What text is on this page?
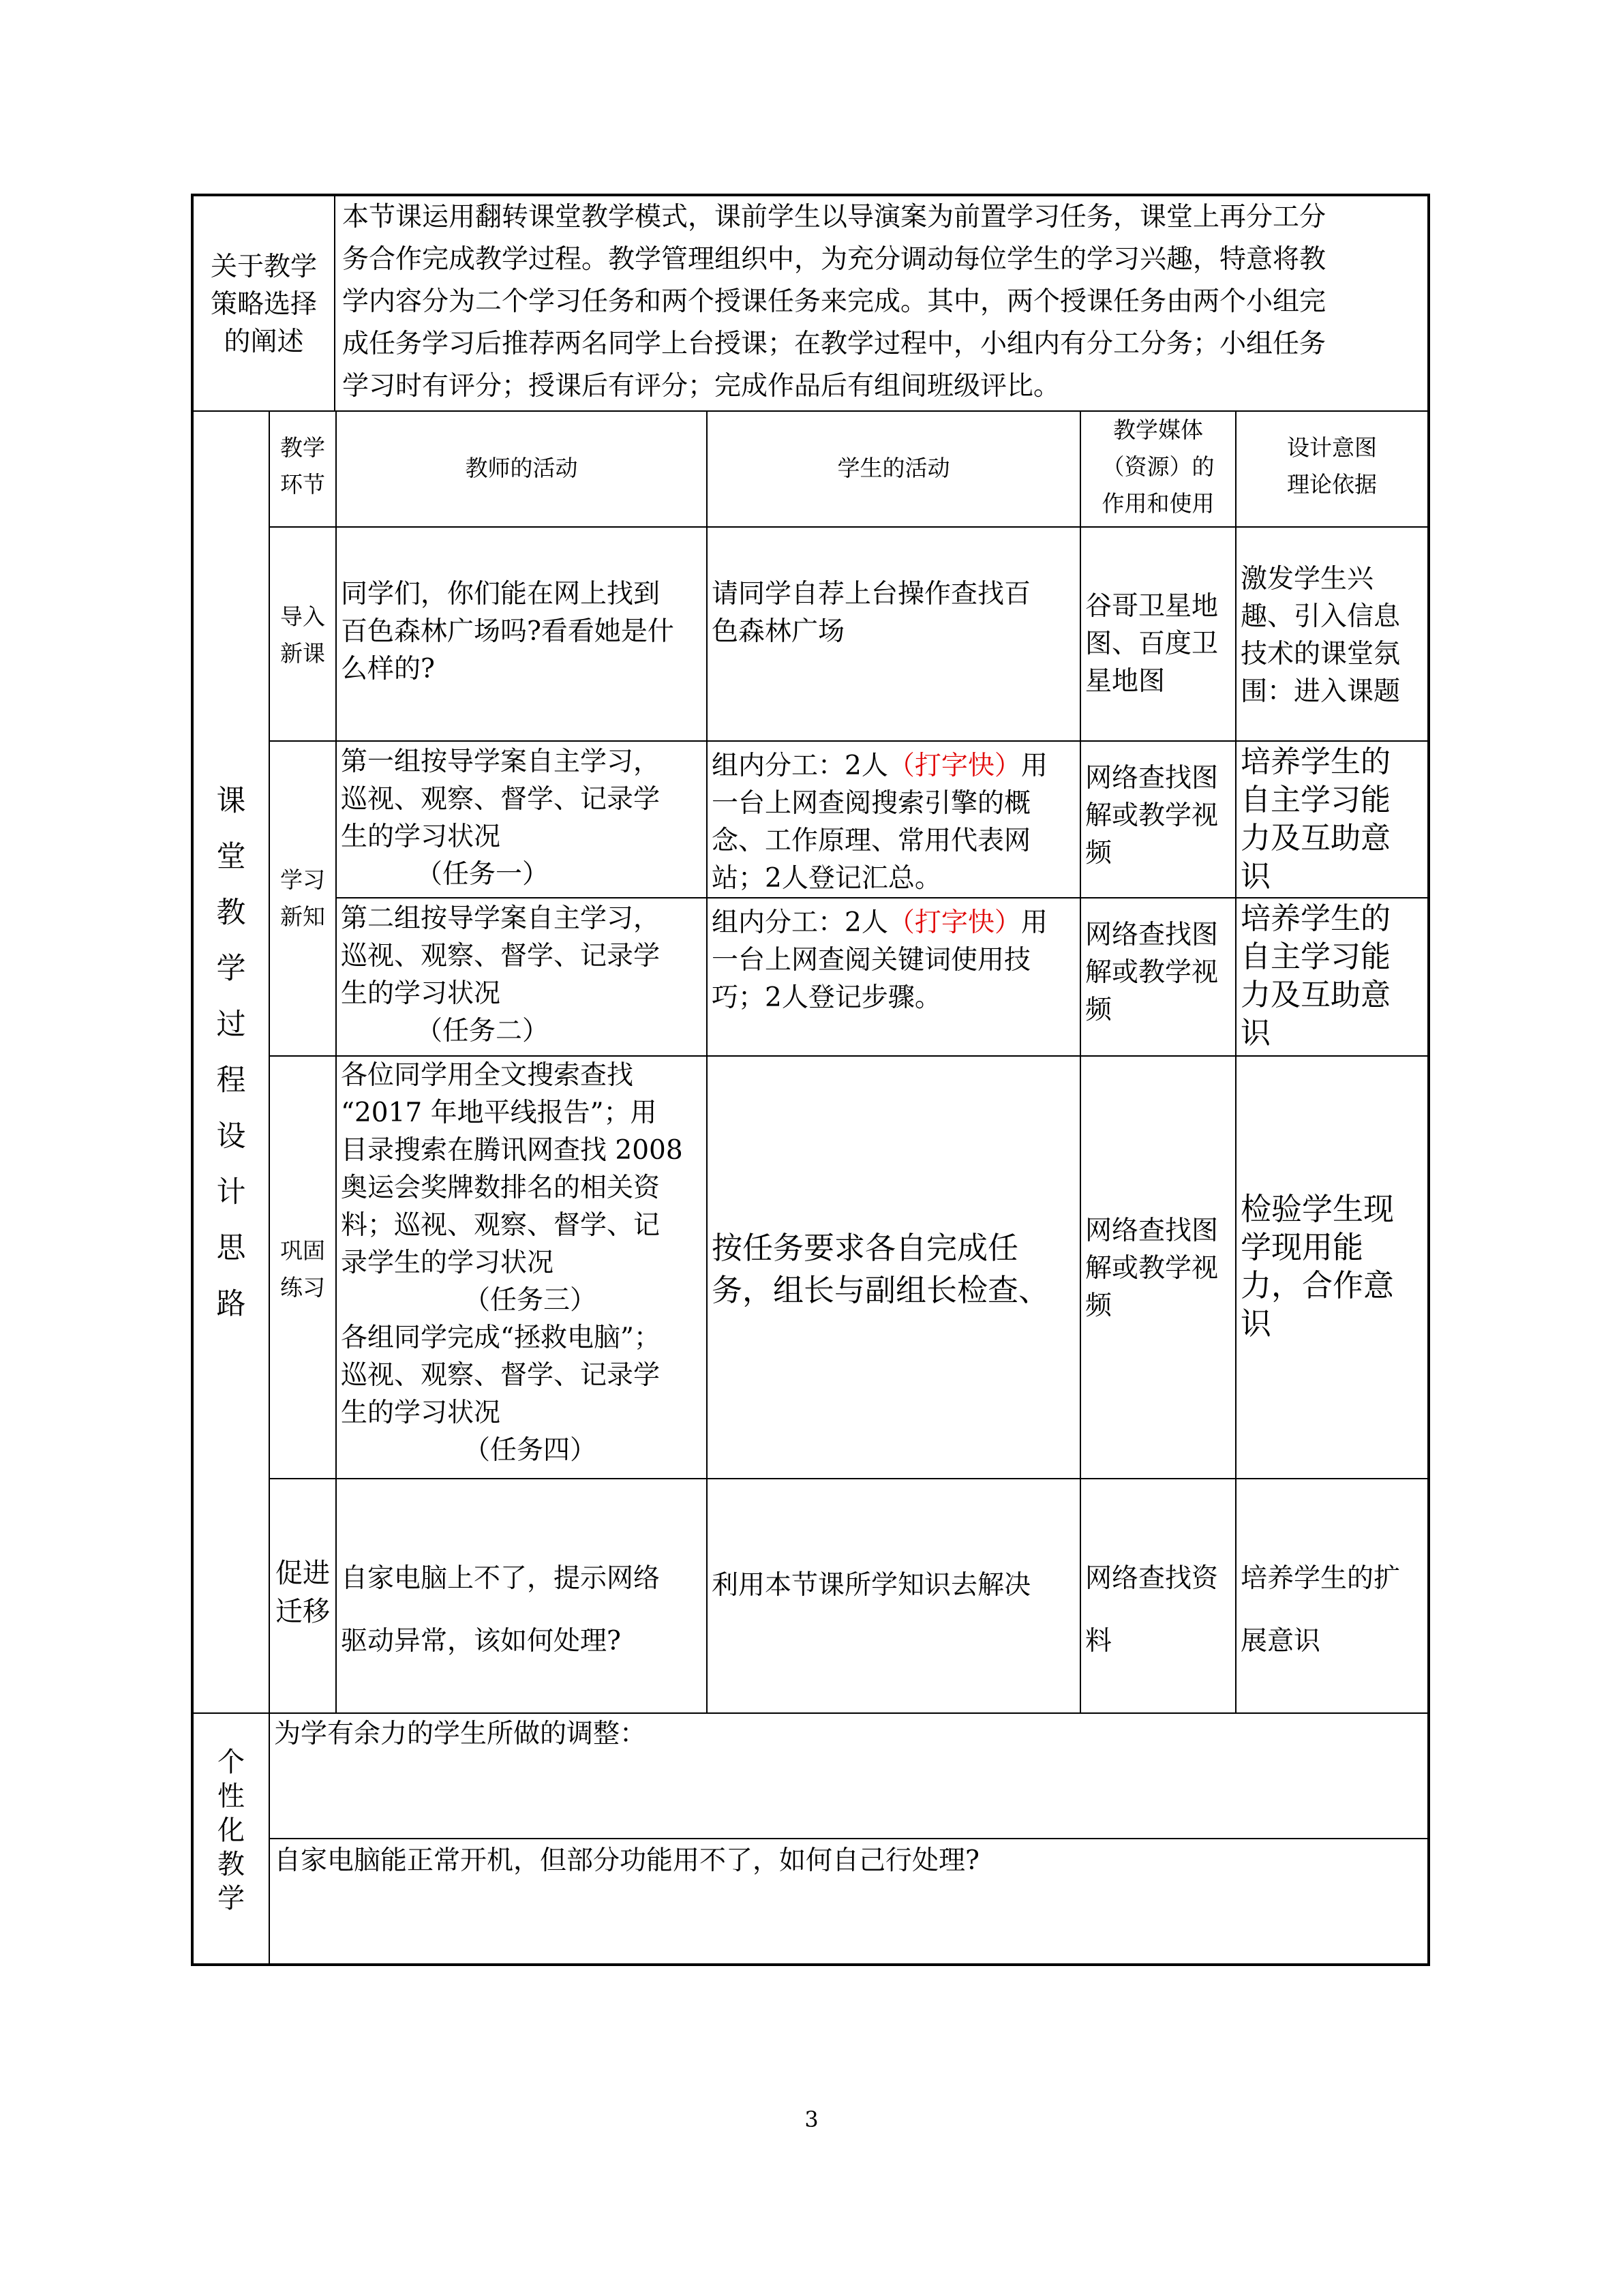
关于教学
策略选择
的阐述
本节课运用翻转课堂教学模式，课前学生以导演案为前置学习任务，课堂上再分工分
务合作完成教学过程。教学管理组织中，为充分调动每位学生的学习兴趣，特意将教
学内容分为二个学习任务和两个授课任务来完成。其中，两个授课任务由两个小组完
成任务学习后推荐两名同学上台授课；在教学过程中，小组内有分工分务；小组任务
学习时有评分；授课后有评分；完成作品后有组间班级评比。
课
堂
教
学
过
程
设
计
思
路
教学
环节
教师的活动	学生的活动
教学媒体
（资源）的
作用和使用
设计意图
理论依据
导入
新课
同学们，你们能在网上找到
百色森林广场吗?看看她是什
么样的?
请同学自荐上台操作查找百
色森林广场
谷哥卫星地
图、百度卫
星地图
激发学生兴
趣、引入信息
技术的课堂氛
围：进入课题
学习
新知
第一组按导学案自主学习，
巡视、观察、督学、记录学
生的学习状况
（任务一）
组内分工：2人（打字快）用
一台上网查阅搜索引擎的概
念、工作原理、常用代表网
站；2人登记汇总。
网络查找图
解或教学视
频
培养学生的
自主学习能
力及互助意
识
第二组按导学案自主学习，
巡视、观察、督学、记录学
生的学习状况
（任务二）
组内分工：2人（打字快）用
一台上网查阅关键词使用技
巧；2人登记步骤。
网络查找图
解或教学视
频
培养学生的
自主学习能
力及互助意
识
巩固
练习
各位同学用全文搜索查找
“2017 年地平线报告”；用
目录搜索在腾讯网查找 2008
奥运会奖牌数排名的相关资
料；巡视、观察、督学、记
录学生的学习状况
（任务三）
各组同学完成“拯救电脑”；
巡视、观察、督学、记录学
生的学习状况
（任务四）
按任务要求各自完成任
务，组长与副组长检查、
网络查找图
解或教学视
频
检验学生现
学现用能
力，合作意
识
促进
迁移
自家电脑上不了，提示网络
驱动异常，该如何处理?
利用本节课所学知识去解决	网络查找资
料
培养学生的扩
展意识
个
性
化
教
学
为学有余力的学生所做的调整：
自家电脑能正常开机，但部分功能用不了，如何自己行处理?
3
